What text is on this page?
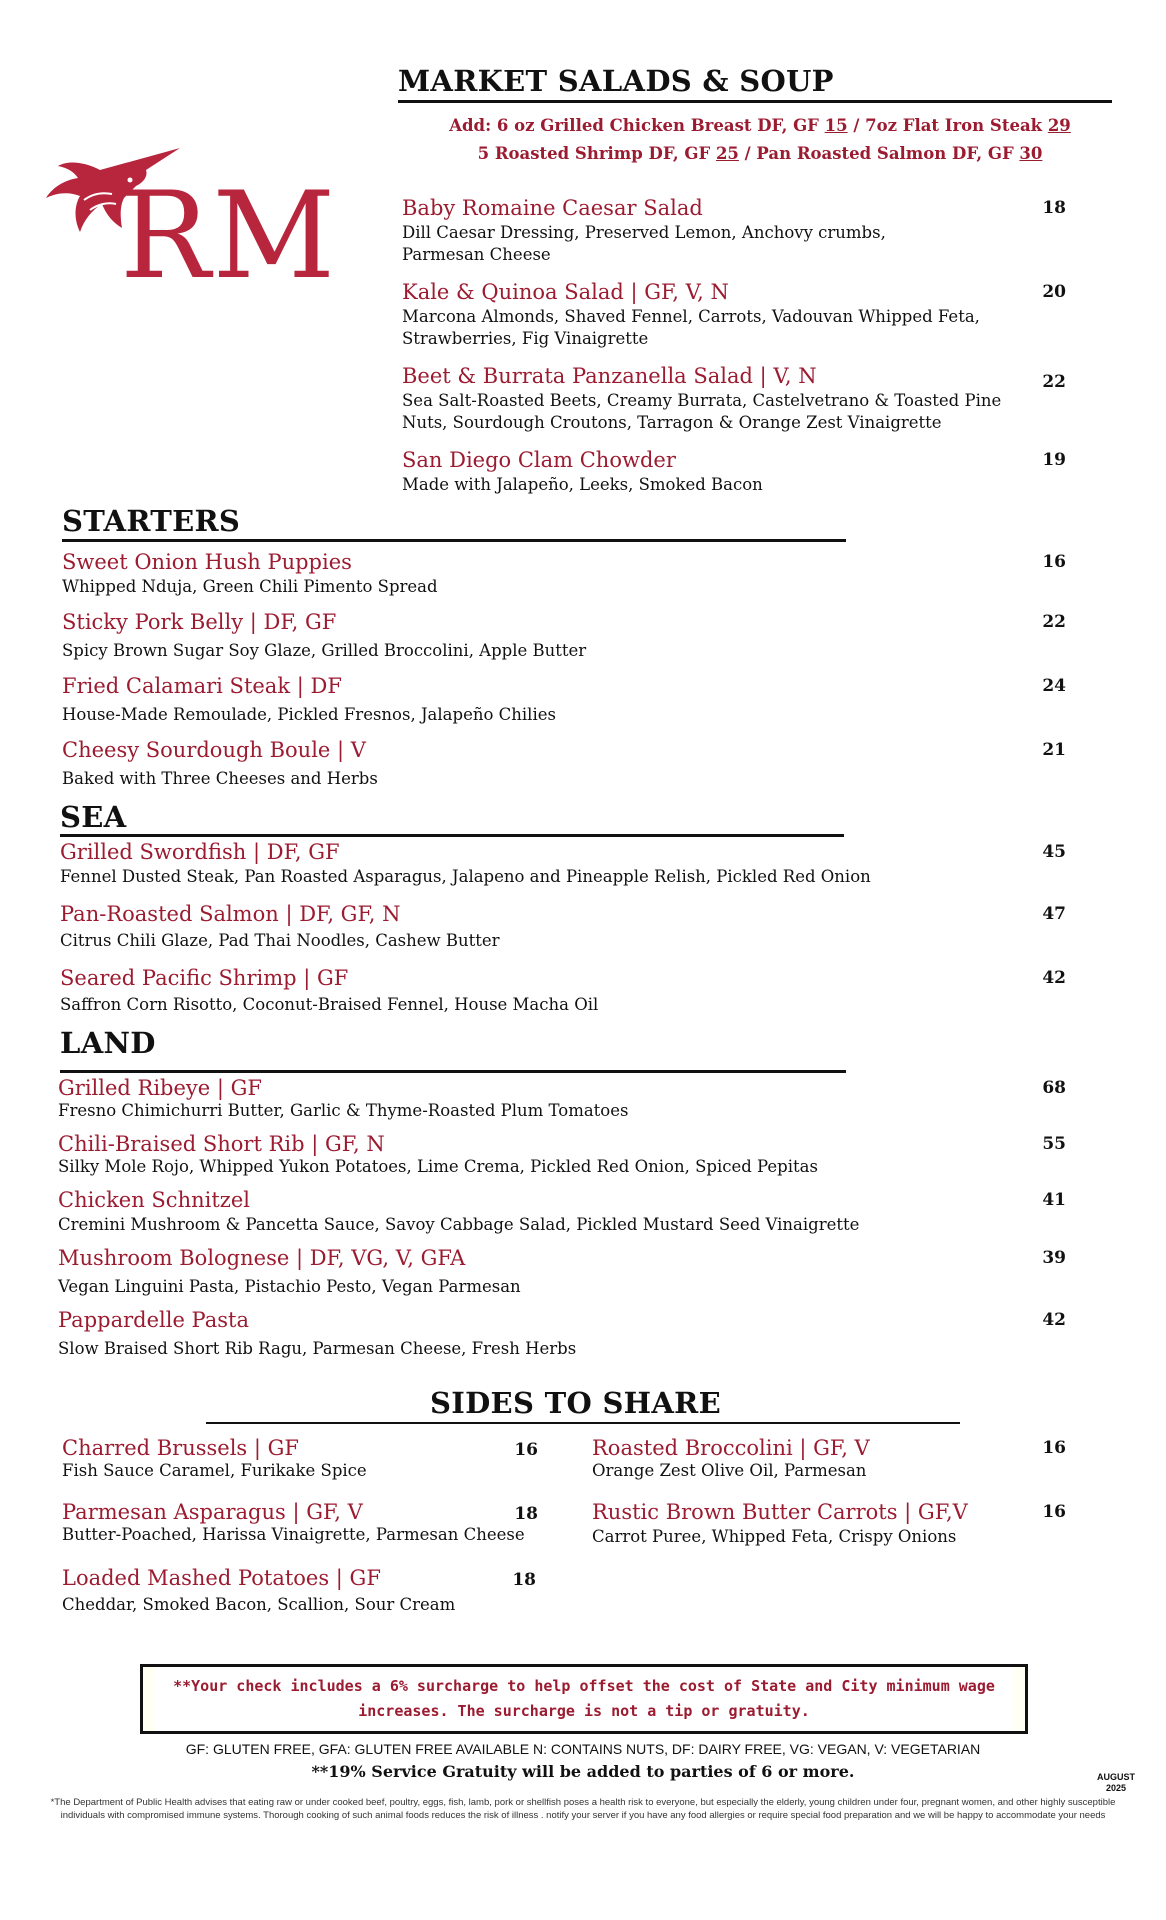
RM
MARKET SALADS & SOUP
Add: 6 oz Grilled Chicken Breast DF, GF 15 / 7oz Flat Iron Steak 29
5 Roasted Shrimp DF, GF 25 / Pan Roasted Salmon DF, GF 30
Baby Romaine Caesar Salad
Dill Caesar Dressing, Preserved Lemon, Anchovy crumbs,
Parmesan Cheese
18
Kale & Quinoa Salad | GF, V, N
Marcona Almonds, Shaved Fennel, Carrots, Vadouvan Whipped Feta,
Strawberries, Fig Vinaigrette
20
Beet & Burrata Panzanella Salad | V, N
Sea Salt-Roasted Beets, Creamy Burrata, Castelvetrano & Toasted Pine
Nuts, Sourdough Croutons, Tarragon & Orange Zest Vinaigrette
22
San Diego Clam Chowder
Made with Jalapeño, Leeks, Smoked Bacon
19
STARTERS
Sweet Onion Hush Puppies
Whipped Nduja, Green Chili Pimento Spread
16
Sticky Pork Belly | DF, GF
Spicy Brown Sugar Soy Glaze, Grilled Broccolini, Apple Butter
22
Fried Calamari Steak | DF
House-Made Remoulade, Pickled Fresnos, Jalapeño Chilies
24
Cheesy Sourdough Boule | V
Baked with Three Cheeses and Herbs
21
SEA
Grilled Swordfish | DF, GF
Fennel Dusted Steak, Pan Roasted Asparagus, Jalapeno and Pineapple Relish, Pickled Red Onion
45
Pan-Roasted Salmon | DF, GF, N
Citrus Chili Glaze, Pad Thai Noodles, Cashew Butter
47
Seared Pacific Shrimp | GF
Saffron Corn Risotto, Coconut-Braised Fennel, House Macha Oil
42
LAND
Grilled Ribeye | GF
Fresno Chimichurri Butter, Garlic & Thyme-Roasted Plum Tomatoes
68
Chili-Braised Short Rib | GF, N
Silky Mole Rojo, Whipped Yukon Potatoes, Lime Crema, Pickled Red Onion, Spiced Pepitas
55
Chicken Schnitzel
Cremini Mushroom & Pancetta Sauce, Savoy Cabbage Salad, Pickled Mustard Seed Vinaigrette
41
Mushroom Bolognese | DF, VG, V, GFA
Vegan Linguini Pasta, Pistachio Pesto, Vegan Parmesan
39
Pappardelle Pasta
Slow Braised Short Rib Ragu, Parmesan Cheese, Fresh Herbs
42
SIDES TO SHARE
Charred Brussels | GF
Fish Sauce Caramel, Furikake Spice
16
Parmesan Asparagus | GF, V
Butter-Poached, Harissa Vinaigrette, Parmesan Cheese
18
Loaded Mashed Potatoes | GF
Cheddar, Smoked Bacon, Scallion, Sour Cream
18
Roasted Broccolini | GF, V
Orange Zest Olive Oil, Parmesan
16
Rustic Brown Butter Carrots | GF,V
Carrot Puree, Whipped Feta, Crispy Onions
16
**Your check includes a 6% surcharge to help offset the cost of State and City minimum wage
increases. The surcharge is not a tip or gratuity.
GF: GLUTEN FREE, GFA: GLUTEN FREE AVAILABLE N: CONTAINS NUTS, DF: DAIRY FREE, VG: VEGAN, V: VEGETARIAN
**19% Service Gratuity will be added to parties of 6 or more.	AUGUST
2025
*The Department of Public Health advises that eating raw or under cooked beef, poultry, eggs, fish, lamb, pork or shellfish poses a health risk to everyone, but especially the elderly, young children under four, pregnant women, and other highly susceptible
individuals with compromised immune systems. Thorough cooking of such animal foods reduces the risk of illness . notify your server if you have any food allergies or require special food preparation and we will be happy to accommodate your needs
